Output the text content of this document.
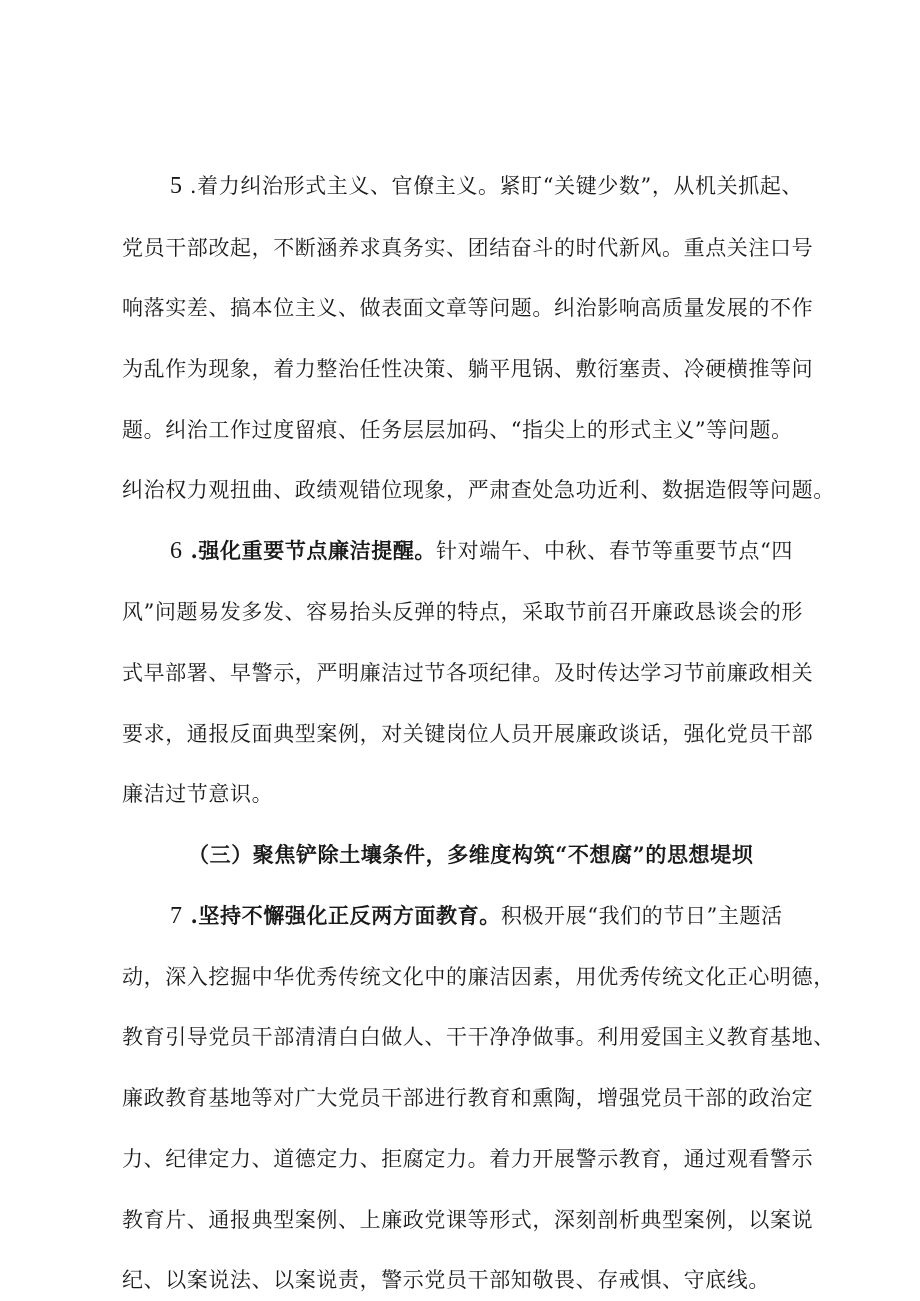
5 .着力纠治形式主义、官僚主义。紧盯“关键少数”，从机关抓起、
党员干部改起，不断涵养求真务实、团结奋斗的时代新风。重点关注口号
响落实差、搞本位主义、做表面文章等问题。纠治影响高质量发展的不作
为乱作为现象，着力整治任性决策、躺平甩锅、敷衍塞责、冷硬横推等问
题。纠治工作过度留痕、任务层层加码、“指尖上的形式主义”等问题。
纠治权力观扭曲、政绩观错位现象，严肃查处急功近利、数据造假等问题。
6 .强化重要节点廉洁提醒。针对端午、中秋、春节等重要节点“四
风”问题易发多发、容易抬头反弹的特点，采取节前召开廉政恳谈会的形
式早部署、早警示，严明廉洁过节各项纪律。及时传达学习节前廉政相关
要求，通报反面典型案例，对关键岗位人员开展廉政谈话，强化党员干部
廉洁过节意识。
（三）聚焦铲除土壤条件，多维度构筑“不想腐”的思想堤坝
7 .坚持不懈强化正反两方面教育。积极开展“我们的节日”主题活
动，深入挖掘中华优秀传统文化中的廉洁因素，用优秀传统文化正心明德，
教育引导党员干部清清白白做人、干干净净做事。利用爱国主义教育基地、
廉政教育基地等对广大党员干部进行教育和熏陶，增强党员干部的政治定
力、纪律定力、道德定力、拒腐定力。着力开展警示教育，通过观看警示
教育片、通报典型案例、上廉政党课等形式，深刻剖析典型案例，以案说
纪、以案说法、以案说责，警示党员干部知敬畏、存戒惧、守底线。
